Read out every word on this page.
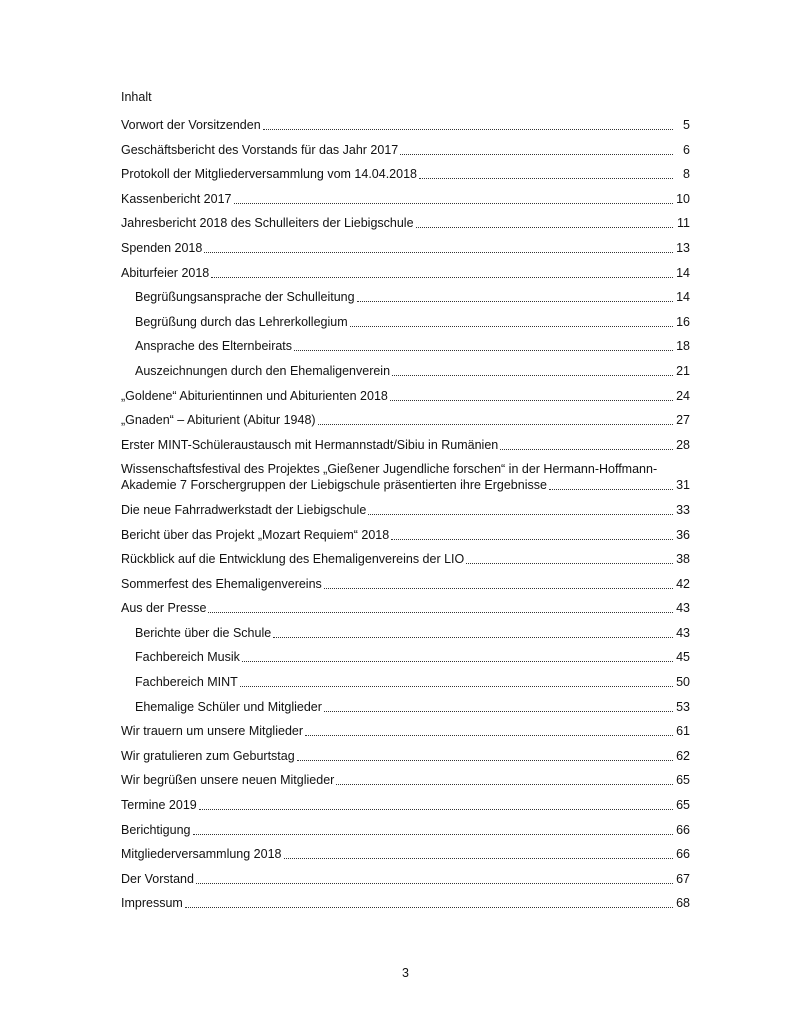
Inhalt
Vorwort der Vorsitzenden	5
Geschäftsbericht des Vorstands für das Jahr 2017	6
Protokoll der Mitgliederversammlung vom 14.04.2018	8
Kassenbericht 2017	10
Jahresbericht 2018 des Schulleiters der Liebigschule	11
Spenden 2018	13
Abiturfeier 2018	14
Begrüßungsansprache der Schulleitung	14
Begrüßung durch das Lehrerkollegium	16
Ansprache des Elternbeirats	18
Auszeichnungen durch den Ehemaligenverein	21
„Goldene“ Abiturientinnen und Abiturienten 2018	24
„Gnaden“ – Abiturient (Abitur 1948)	27
Erster MINT-Schüleraustausch mit Hermannstadt/Sibiu in Rumänien	28
Wissenschaftsfestival des Projektes „Gießener Jugendliche forschen“ in der Hermann-Hoffmann-
Akademie 7 Forschergruppen der Liebigschule präsentierten ihre Ergebnisse	31
Die neue Fahrradwerkstadt der Liebigschule	33
Bericht über das Projekt „Mozart Requiem“ 2018	36
Rückblick auf die Entwicklung des Ehemaligenvereins der LIO	38
Sommerfest des Ehemaligenvereins	42
Aus der Presse	43
Berichte über die Schule	43
Fachbereich Musik	45
Fachbereich MINT	50
Ehemalige Schüler und Mitglieder	53
Wir trauern um unsere Mitglieder	61
Wir gratulieren zum Geburtstag	62
Wir begrüßen unsere neuen Mitglieder	65
Termine 2019	65
Berichtigung	66
Mitgliederversammlung 2018	66
Der Vorstand	67
Impressum	68
3
